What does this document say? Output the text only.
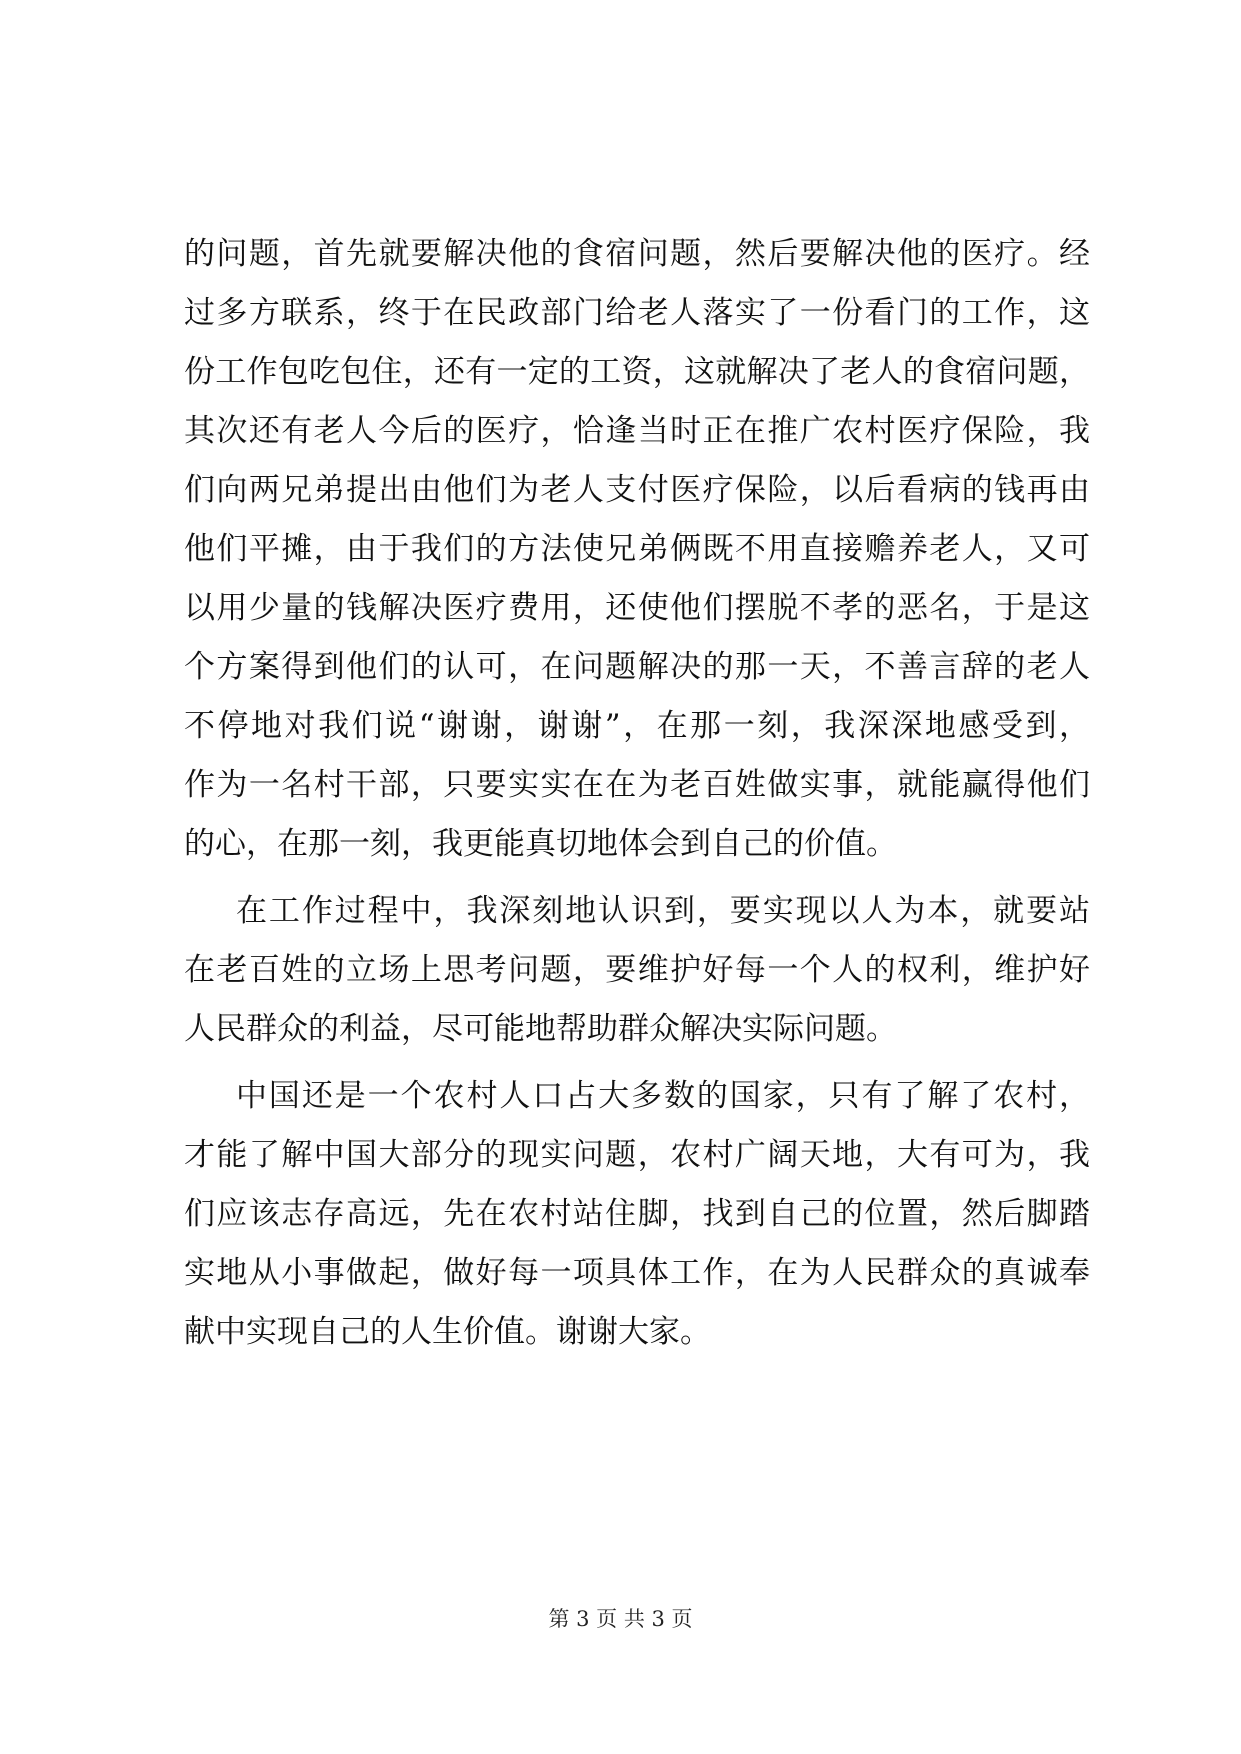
的问题，首先就要解决他的食宿问题，然后要解决他的医疗。经
过多方联系，终于在民政部门给老人落实了一份看门的工作，这
份工作包吃包住，还有一定的工资，这就解决了老人的食宿问题，
其次还有老人今后的医疗，恰逢当时正在推广农村医疗保险，我
们向两兄弟提出由他们为老人支付医疗保险，以后看病的钱再由
他们平摊，由于我们的方法使兄弟俩既不用直接赡养老人，又可
以用少量的钱解决医疗费用，还使他们摆脱不孝的恶名，于是这
个方案得到他们的认可，在问题解决的那一天，不善言辞的老人
不停地对我们说“谢谢，谢谢”，在那一刻，我深深地感受到，
作为一名村干部，只要实实在在为老百姓做实事，就能赢得他们
的心，在那一刻，我更能真切地体会到自己的价值。
在工作过程中，我深刻地认识到，要实现以人为本，就要站
在老百姓的立场上思考问题，要维护好每一个人的权利，维护好
人民群众的利益，尽可能地帮助群众解决实际问题。
中国还是一个农村人口占大多数的国家，只有了解了农村，
才能了解中国大部分的现实问题，农村广阔天地，大有可为，我
们应该志存高远，先在农村站住脚，找到自己的位置，然后脚踏
实地从小事做起，做好每一项具体工作，在为人民群众的真诚奉
献中实现自己的人生价值。谢谢大家。
第 3 页 共 3 页
